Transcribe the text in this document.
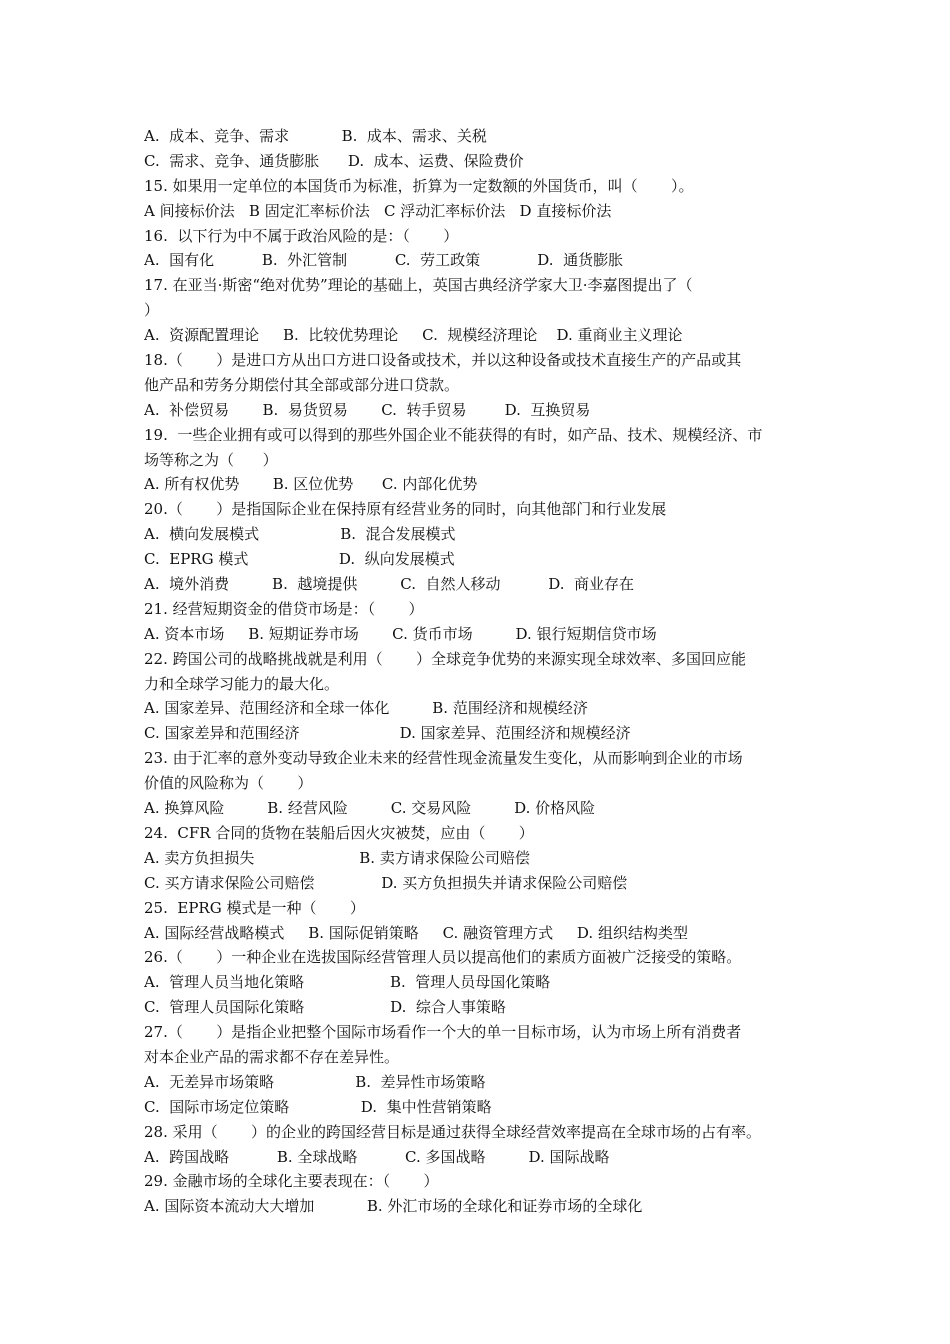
A.  成本、竞争、需求           B.  成本、需求、关税
C.  需求、竞争、通货膨胀      D.  成本、运费、保险费价
15. 如果用一定单位的本国货币为标准，折算为一定数额的外国货币，叫（       ）。
A 间接标价法   B 固定汇率标价法   C 浮动汇率标价法   D 直接标价法
16.  以下行为中不属于政治风险的是：（       ）
A.  国有化          B.  外汇管制          C.  劳工政策            D.  通货膨胀
17. 在亚当·斯密“绝对优势”理论的基础上，英国古典经济学家大卫·李嘉图提出了（
）
A.  资源配置理论     B.  比较优势理论     C.  规模经济理论    D. 重商业主义理论
18.（       ）是进口方从出口方进口设备或技术，并以这种设备或技术直接生产的产品或其
他产品和劳务分期偿付其全部或部分进口贷款。
A.  补偿贸易       B.  易货贸易       C.  转手贸易        D.  互换贸易
19.  一些企业拥有或可以得到的那些外国企业不能获得的有时，如产品、技术、规模经济、市
场等称之为（      ）
A. 所有权优势       B. 区位优势      C. 内部化优势
20.（       ）是指国际企业在保持原有经营业务的同时，向其他部门和行业发展
A.  横向发展模式                 B.  混合发展模式
C.  EPRG 模式                   D.  纵向发展模式
A.  境外消费         B.  越境提供         C.  自然人移动          D.  商业存在
21. 经营短期资金的借贷市场是：（       ）
A. 资本市场     B. 短期证券市场       C. 货币市场         D. 银行短期信贷市场
22. 跨国公司的战略挑战就是利用（       ）全球竞争优势的来源实现全球效率、多国回应能
力和全球学习能力的最大化。
A. 国家差异、范围经济和全球一体化         B. 范围经济和规模经济
C. 国家差异和范围经济                     D. 国家差异、范围经济和规模经济
23. 由于汇率的意外变动导致企业未来的经营性现金流量发生变化，从而影响到企业的市场
价值的风险称为（       ）
A. 换算风险         B. 经营风险         C. 交易风险         D. 价格风险
24.  CFR 合同的货物在装船后因火灾被焚，应由（       ）
A. 卖方负担损失                      B. 卖方请求保险公司赔偿
C. 买方请求保险公司赔偿              D. 买方负担损失并请求保险公司赔偿
25.  EPRG 模式是一种（       ）
A. 国际经营战略模式     B. 国际促销策略     C. 融资管理方式     D. 组织结构类型
26.（       ）一种企业在选拔国际经营管理人员以提高他们的素质方面被广泛接受的策略。
A.  管理人员当地化策略                  B.  管理人员母国化策略
C.  管理人员国际化策略                  D.  综合人事策略
27.（       ）是指企业把整个国际市场看作一个大的单一目标市场，认为市场上所有消费者
对本企业产品的需求都不存在差异性。
A.  无差异市场策略                 B.  差异性市场策略
C.  国际市场定位策略               D.  集中性营销策略
28. 采用（       ）的企业的跨国经营目标是通过获得全球经营效率提高在全球市场的占有率。
A.  跨国战略          B. 全球战略          C. 多国战略         D. 国际战略
29. 金融市场的全球化主要表现在：（       ）
A. 国际资本流动大大增加           B. 外汇市场的全球化和证券市场的全球化
